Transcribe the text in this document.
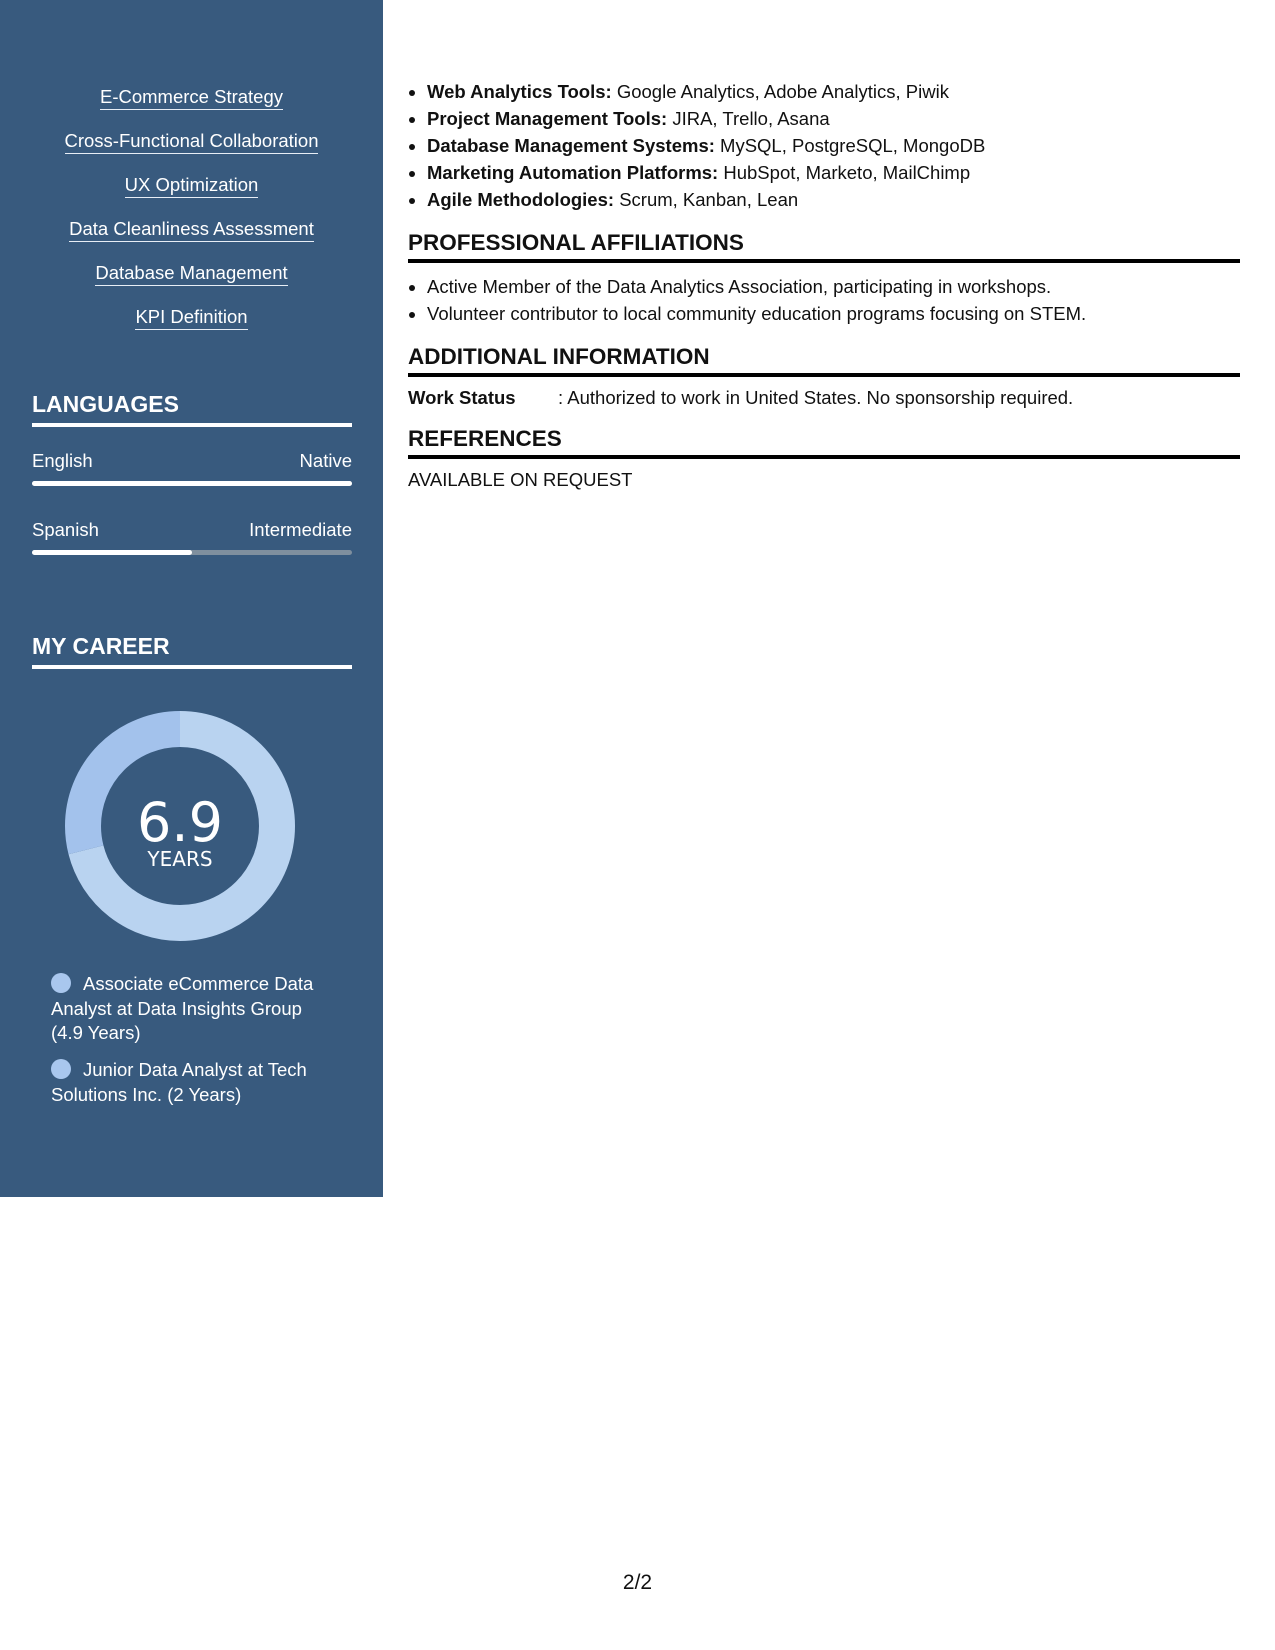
E-Commerce Strategy
Cross-Functional Collaboration
UX Optimization
Data Cleanliness Assessment
Database Management
KPI Definition
LANGUAGES
English	Native
Spanish	Intermediate
MY CAREER
6.9
YEARS
Associate eCommerce Data Analyst at Data Insights Group (4.9 Years)
Junior Data Analyst at Tech Solutions Inc. (2 Years)
• Web Analytics Tools: Google Analytics, Adobe Analytics, Piwik
• Project Management Tools: JIRA, Trello, Asana
• Database Management Systems: MySQL, PostgreSQL, MongoDB
• Marketing Automation Platforms: HubSpot, Marketo, MailChimp
• Agile Methodologies: Scrum, Kanban, Lean
PROFESSIONAL AFFILIATIONS
• Active Member of the Data Analytics Association, participating in workshops.
• Volunteer contributor to local community education programs focusing on STEM.
ADDITIONAL INFORMATION
Work Status	: Authorized to work in United States. No sponsorship required.
REFERENCES
AVAILABLE ON REQUEST
2/2
